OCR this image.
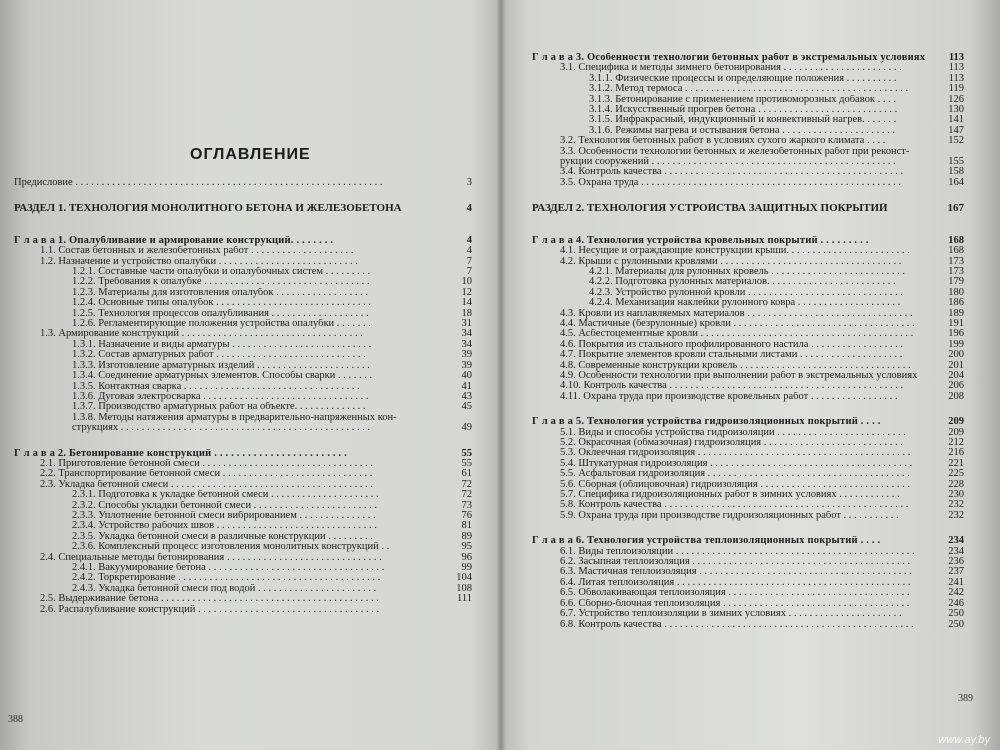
ОГЛАВЛЕНИЕ
Предисловие . . . . . . . . . . . . . . . . . . . . . . . . . . . . . . . . . . . . . . . . . . . . . . . . . . . . . . . . . . .	3
РАЗДЕЛ 1. ТЕХНОЛОГИЯ МОНОЛИТНОГО БЕТОНА И ЖЕЛЕЗОБЕТОНА	4
Г л а в а 1. Опалубливание и армирование конструкций. . . . . . . .	4
1.1. Состав бетонных и железобетонных работ . . . . . . . . . . . . . . . . . . . .	4
1.2. Назначение и устройство опалубки . . . . . . . . . . . . . . . . . . . . . . . . . . .	7
1.2.1. Составные части опалубки и опалубочных систем . . . . . . . . .	7
1.2.2. Требования к опалубке . . . . . . . . . . . . . . . . . . . . . . . . . . . . . . . .	10
1.2.3. Материалы для изготовления опалубок . . . . . . . . . . . . . . . . . .	12
1.2.4. Основные типы опалубок . . . . . . . . . . . . . . . . . . . . . . . . . . . . . .	14
1.2.5. Технология процессов опалубливания . . . . . . . . . . . . . . . . . . .	18
1.2.6. Регламентирующие положения устройства опалубки . . . . . . .	31
1.3. Армирование конструкций . . . . . . . . . . . . . . . . . . . . . . . . . . . . . . . . . . .	34
1.3.1. Назначение и виды арматуры . . . . . . . . . . . . . . . . . . . . . . . . . . .	34
1.3.2. Состав арматурных работ . . . . . . . . . . . . . . . . . . . . . . . . . . . . .	39
1.3.3. Изготовление арматурных изделий . . . . . . . . . . . . . . . . . . . . . .	39
1.3.4. Соединение арматурных элементов. Способы сварки . . . . . . .	40
1.3.5. Контактная сварка . . . . . . . . . . . . . . . . . . . . . . . . . . . . . . . . . .	41
1.3.6. Дуговая электросварка . . . . . . . . . . . . . . . . . . . . . . . . . . . . . . . .	43
1.3.7. Производство арматурных работ на объекте. . . . . . . . . . . . . .	45
1.3.8. Методы натяжения арматуры в предварительно-напряженных кон-
струкциях . . . . . . . . . . . . . . . . . . . . . . . . . . . . . . . . . . . . . . . . . . . . . . . .	49
Г л а в а 2. Бетонирование конструкций . . . . . . . . . . . . . . . . . . . . . . . .	55
2.1. Приготовление бетонной смеси . . . . . . . . . . . . . . . . . . . . . . . . . . . . . . . . .	55
2.2. Транспортирование бетонной смеси . . . . . . . . . . . . . . . . . . . . . . . . . . . . .	61
2.3. Укладка бетонной смеси . . . . . . . . . . . . . . . . . . . . . . . . . . . . . . . . . . . . . . .	72
2.3.1. Подготовка к укладке бетонной смеси . . . . . . . . . . . . . . . . . . . . .	72
2.3.2. Способы укладки бетонной смеси . . . . . . . . . . . . . . . . . . . . . . . .	73
2.3.3. Уплотнение бетонной смеси вибрированием . . . . . . . . . . . . . . .	76
2.3.4. Устройство рабочих швов . . . . . . . . . . . . . . . . . . . . . . . . . . . . . . .	81
2.3.5. Укладка бетонной смеси в различные конструкции . . . . . . . . .	89
2.3.6. Комплексный процесс изготовления монолитных конструкций . .	95
2.4. Специальные методы бетонирования . . . . . . . . . . . . . . . . . . . . . . . . . . . . . .	96
2.4.1. Вакуумирование бетона . . . . . . . . . . . . . . . . . . . . . . . . . . . . . . . . . .	99
2.4.2. Торкретирование . . . . . . . . . . . . . . . . . . . . . . . . . . . . . . . . . . . . . . .	104
2.4.3. Укладка бетонной смеси под водой . . . . . . . . . . . . . . . . . . . . . . .	108
2.5. Выдерживание бетона . . . . . . . . . . . . . . . . . . . . . . . . . . . . . . . . . . . . . . . . . .	111
2.6. Распалубливание конструкций . . . . . . . . . . . . . . . . . . . . . . . . . . . . . . . . . . .
388
Г л а в а 3. Особенности технологии бетонных работ в экстремальных условиях 113
3.1. Специфика и методы зимнего бетонирования . . . . . . . . . . . . . . . . . . . . . . .	113
3.1.1. Физические процессы и определяющие положения . . . . . . . . . .	113
3.1.2. Метод термоса . . . . . . . . . . . . . . . . . . . . . . . . . . . . . . . . . . . . . . . . . . .	119
3.1.3. Бетонирование с применением противоморозных добавок . . . .	126
3.1.4. Искусственный прогрев бетона . . . . . . . . . . . . . . . . . . . . . . . . . . .	130
3.1.5. Инфракрасный, индукционный и конвективный нагрев. . . . . . .	141
3.1.6. Режимы нагрева и остывания бетона . . . . . . . . . . . . . . . . . . . . . .	147
3.2. Технология бетонных работ в условиях сухого жаркого климата . . . .	152
3.3. Особенности технологии бетонных и железобетонных работ при реконст-
рукции сооружений . . . . . . . . . . . . . . . . . . . . . . . . . . . . . . . . . . . . . . . . . . . . . . .	155
3.4. Контроль качества . . . . . . . . . . . . . . . . . . . . . . . . . . . . . . . . . . . . . . . . . . . . . .	158
3.5. Охрана труда . . . . . . . . . . . . . . . . . . . . . . . . . . . . . . . . . . . . . . . . . . . . . . . . . .	164
РАЗДЕЛ 2. ТЕХНОЛОГИЯ УСТРОЙСТВА ЗАЩИТНЫХ ПОКРЫТИЙ	167
Г л а в а 4. Технология устройства кровельных покрытий . . . . . . . . .	168
4.1. Несущие и ограждающие конструкции крыши. . . . . . . . . . . . . . . . . . . . . . . .	168
4.2. Крыши с рулонными кровлями . . . . . . . . . . . . . . . . . . . . . . . . . . . . . . . . . . .	173
4.2.1. Материалы для рулонных кровель . . . . . . . . . . . . . . . . . . . . . . . . . .	173
4.2.2. Подготовка рулонных материалов. . . . . . . . . . . . . . . . . . . . . . . . .	179
4.2.3. Устройство рулонной кровли . . . . . . . . . . . . . . . . . . . . . . . . . . . . . .	180
4.2.4. Механизация наклейки рулонного ковра . . . . . . . . . . . . . . . . . . . .	186
4.3. Кровли из наплавляемых материалов . . . . . . . . . . . . . . . . . . . . . . . . . . . . . . . .	189
4.4. Мастичные (безрулонные) кровли . . . . . . . . . . . . . . . . . . . . . . . . . . . . . . . . . . .	191
4.5. Асбестоцементные кровли . . . . . . . . . . . . . . . . . . . . . . . . . . . . . . . . . . . . . . . . .	196
4.6. Покрытия из стального профилированного настила . . . . . . . . . . . . . . . . . .	199
4.7. Покрытие элементов кровли стальными листами . . . . . . . . . . . . . . . . . . . .	200
4.8. Современные конструкции кровель . . . . . . . . . . . . . . . . . . . . . . . . . . . . . . . . .	201
4.9. Особенности технологии при выполнении работ в экстремальных условиях	204
4.10. Контроль качества . . . . . . . . . . . . . . . . . . . . . . . . . . . . . . . . . . . . . . . . . . . . .	206
4.11. Охрана труда при производстве кровельных работ . . . . . . . . . . . . . . . . .	208
Г л а в а 5. Технология устройства гидроизоляционных покрытий . . . .	209
5.1. Виды и способы устройства гидроизоляции . . . . . . . . . . . . . . . . . . . . . . . . .	209
5.2. Окрасочная (обмазочная) гидроизоляция . . . . . . . . . . . . . . . . . . . . . . . . . . .	212
5.3. Оклеечная гидроизоляция . . . . . . . . . . . . . . . . . . . . . . . . . . . . . . . . . . . . . . . . .	216
5.4. Штукатурная гидроизоляция . . . . . . . . . . . . . . . . . . . . . . . . . . . . . . . . . . . . . . .	221
5.5. Асфальтовая гидроизоляция . . . . . . . . . . . . . . . . . . . . . . . . . . . . . . . . . . . . . . .	225
5.6. Сборная (облицовочная) гидроизоляция . . . . . . . . . . . . . . . . . . . . . . . . . . . . .	228
5.7. Специфика гидроизоляционных работ в зимних условиях . . . . . . . . . . . .	230
5.8. Контроль качества . . . . . . . . . . . . . . . . . . . . . . . . . . . . . . . . . . . . . . . . . . . . . . .	232
5.9. Охрана труда при производстве гидроизоляционных работ . . . . . . . . . . .	232
Г л а в а 6. Технология устройства теплоизоляционных покрытий . . . .	234
6.1. Виды теплоизоляции . . . . . . . . . . . . . . . . . . . . . . . . . . . . . . . . . . . . . . . . . . . . . .	234
6.2. Засыпная теплоизоляция . . . . . . . . . . . . . . . . . . . . . . . . . . . . . . . . . . . . . . . . . .	236
6.3. Мастичная теплоизоляция . . . . . . . . . . . . . . . . . . . . . . . . . . . . . . . . . . . . . . . . .	237
6.4. Литая теплоизоляция . . . . . . . . . . . . . . . . . . . . . . . . . . . . . . . . . . . . . . . . . . . . .	241
6.5. Обволакивающая теплоизоляция . . . . . . . . . . . . . . . . . . . . . . . . . . . . . . . . . . .	242
6.6. Сборно-блочная теплоизоляция . . . . . . . . . . . . . . . . . . . . . . . . . . . . . . . . . . . .	246
6.7. Устройство теплоизоляции в зимних условиях . . . . . . . . . . . . . . . . . . . . . .	250
6.8. Контроль качества . . . . . . . . . . . . . . . . . . . . . . . . . . . . . . . . . . . . . . . . . . . . . . . .	250
389
www.ay.by
